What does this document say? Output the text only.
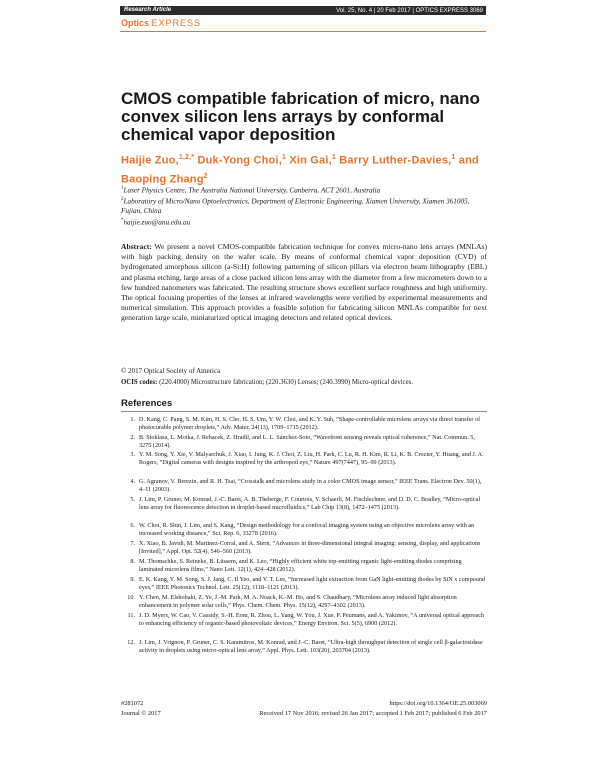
Research Article	Vol. 25, No. 4 | 20 Feb 2017 | OPTICS EXPRESS 3069
Optics EXPRESS
CMOS compatible fabrication of micro, nano convex silicon lens arrays by conformal chemical vapor deposition
Haijie Zuo,$^{1,2,*}$ Duk-Yong Choi,$^1$ Xin Gai,$^1$ Barry Luther-Davies,$^1$ and Baoping Zhang$^2$
$^1$Laser Physics Centre, The Australia National University, Canberra, ACT 2601, Australia
$^2$Laboratory of Micro/Nano Optoelectronics, Department of Electronic Engineering, Xiamen University, Xiamen 361005, Fujian, China
*haijie.zuo@anu.edu.au
Abstract: We present a novel CMOS-compatible fabrication technique for convex micro-nano lens arrays (MNLAs) with high packing density on the wafer scale. By means of conformal chemical vapor deposition (CVD) of hydrogenated amorphous silicon (a-Si:H) following patterning of silicon pillars via electron beam lithography (EBL) and plasma etching, large areas of a close packed silicon lens array with the diameter from a few micrometers down to a few hundred nanometers was fabricated. The resulting structure shows excellent surface roughness and high uniformity. The optical focusing properties of the lenses at infrared wavelengths were verified by experimental measurements and numerical simulation. This approach provides a feasible solution for fabricating silicon MNLAs compatible for next generation large scale, miniaturized optical imaging detectors and related optical devices.
© 2017 Optical Society of America
OCIS codes: (220.4000) Microstructure fabrication; (220.3630) Lenses; (240.3990) Micro-optical devices.
References
1. D. Kang, C. Pang, S. M. Kim, H. S. Cho, H. S. Um, Y. W. Choi, and K. Y. Suh, “Shape-controllable microlens arrays via direct transfer of photocurable polymer droplets,” Adv. Mater. 24(13), 1709–1715 (2012).
2. B. Stoklasa, L. Motka, J. Rehacek, Z. Hradil, and L. L. Sánchez-Soto, “Wavefront sensing reveals optical coherence,” Nat. Commun. 5, 3275 (2014).
3. Y. M. Song, Y. Xie, V. Malyarchuk, J. Xiao, I. Jung, K. J. Choi, Z. Liu, H. Park, C. Lu, R. H. Kim, R. Li, K. B. Crozier, Y. Huang, and J. A. Rogers, “Digital cameras with designs inspired by the arthropod eye,” Nature 497(7447), 95–99 (2013).
4. G. Agranov, V. Berezin, and R. H. Tsai, “Crosstalk and microlens study in a color CMOS image sensor,” IEEE Trans. Electron Dev. 50(1), 4–11 (2003).
5. J. Lim, P. Gruner, M. Konrad, J.-C. Baret, A. B. Theberge, F. Courtois, Y. Schaerli, M. Fischlechner, and D. D. C. Bradley, “Micro-optical lens array for fluorescence detection in droplet-based microfluidics,” Lab Chip 13(8), 1472–1475 (2013).
6. W. Choi, R. Shin, J. Lim, and S. Kang, “Design methodology for a confocal imaging system using an objective microlens array with an increased working distance,” Sci. Rep. 6, 33278 (2016).
7. X. Xiao, B. Javidi, M. Martinez-Corral, and A. Stern, “Advances in three-dimensional integral imaging: sensing, display, and applications [Invited],” Appl. Opt. 52(4), 546–560 (2013).
8. M. Thomschke, S. Reineke, B. Lüssem, and K. Leo, “Highly efficient white top-emitting organic light-emitting diodes comprising laminated microlens films,” Nano Lett. 12(1), 424–428 (2012).
9. E. K. Kang, Y. M. Song, S. J. Jang, C. Il Yeo, and Y. T. Lee, “Increased light extraction from GaN light-emitting diodes by SiN x compound eyes,” IEEE Photonics Technol. Lett. 25(12), 1118–1121 (2013).
10. Y. Chen, M. Elshobaki, Z. Ye, J.-M. Park, M. A. Noack, K.-M. Ho, and S. Chaudhary, “Microlens array induced light absorption enhancement in polymer solar cells,” Phys. Chem. Chem. Phys. 15(12), 4297–4302 (2013).
11. J. D. Myers, W. Cao, V. Cassidy, S.-H. Eom, R. Zhou, L. Yang, W. You, J. Xue, P. Peumans, and A. Yakimov, “A universal optical approach to enhancing efficiency of organic-based photovoltaic devices,” Energy Environ. Sci. 5(5), 6900 (2012).
12. J. Lim, J. Vrignon, P. Gruner, C. S. Karamitros, M. Konrad, and J.-C. Baret, “Ultra-high throughput detection of single cell β-galactosidase activity in droplets using micro-optical lens array,” Appl. Phys. Lett. 103(20), 203704 (2013).
#281072
Journal © 2017
https://doi.org/10.1364/OE.25.003069
Received 17 Nov 2016; revised 26 Jan 2017; accepted 1 Feb 2017; published 6 Feb 2017
